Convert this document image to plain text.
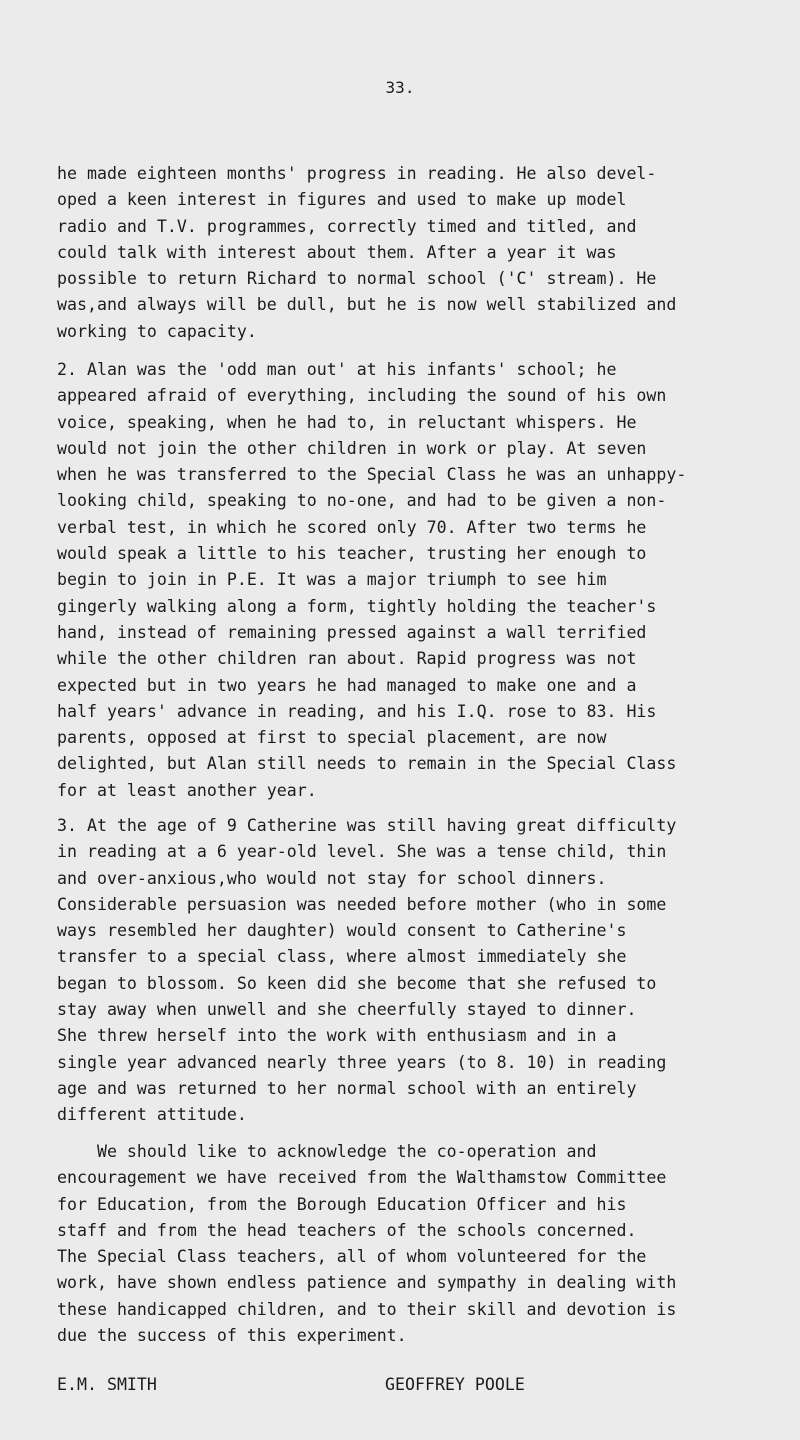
33.
he made eighteen months' progress in reading. He also devel-
oped a keen interest in figures and used to make up model
radio and T.V. programmes, correctly timed and titled, and
could talk with interest about them. After a year it was
possible to return Richard to normal school ('C' stream). He
was,and always will be dull, but he is now well stabilized and
working to capacity.
2. Alan was the 'odd man out' at his infants' school; he
appeared afraid of everything, including the sound of his own
voice, speaking, when he had to, in reluctant whispers. He
would not join the other children in work or play. At seven
when he was transferred to the Special Class he was an unhappy-
looking child, speaking to no-one, and had to be given a non-
verbal test, in which he scored only 70. After two terms he
would speak a little to his teacher, trusting her enough to
begin to join in P.E. It was a major triumph to see him
gingerly walking along a form, tightly holding the teacher's
hand, instead of remaining pressed against a wall terrified
while the other children ran about. Rapid progress was not
expected but in two years he had managed to make one and a
half years' advance in reading, and his I.Q. rose to 83. His
parents, opposed at first to special placement, are now
delighted, but Alan still needs to remain in the Special Class
for at least another year.
3. At the age of 9 Catherine was still having great difficulty
in reading at a 6 year-old level. She was a tense child, thin
and over-anxious,who would not stay for school dinners.
Considerable persuasion was needed before mother (who in some
ways resembled her daughter) would consent to Catherine's
transfer to a special class, where almost immediately she
began to blossom. So keen did she become that she refused to
stay away when unwell and she cheerfully stayed to dinner.
She threw herself into the work with enthusiasm and in a
single year advanced nearly three years (to 8. 10) in reading
age and was returned to her normal school with an entirely
different attitude.
We should like to acknowledge the co-operation and
encouragement we have received from the Walthamstow Committee
for Education, from the Borough Education Officer and his
staff and from the head teachers of the schools concerned.
The Special Class teachers, all of whom volunteered for the
work, have shown endless patience and sympathy in dealing with
these handicapped children, and to their skill and devotion is
due the success of this experiment.
E.M. SMITH	GEOFFREY POOLE
